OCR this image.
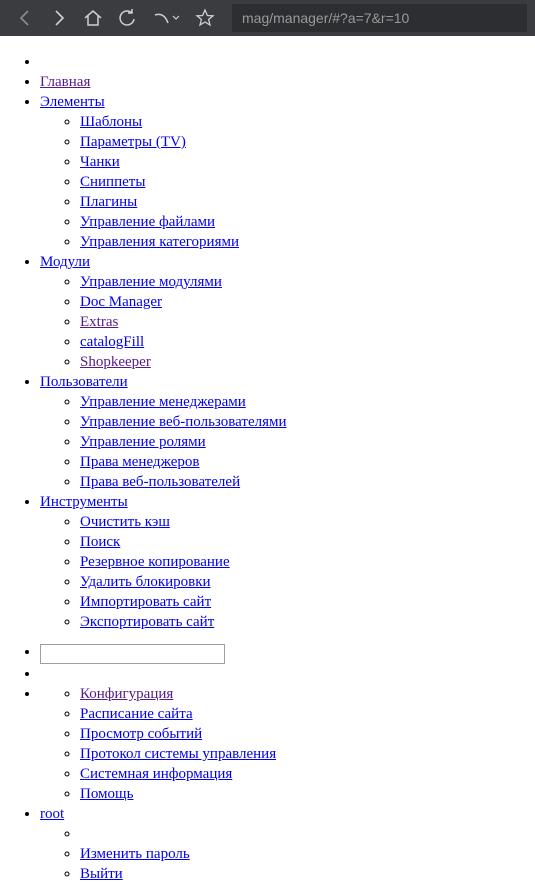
mag/manager/#?a=7&r=10
•
• Главная
• Элементы
◦ Шаблоны
◦ Параметры (TV)
◦ Чанки
◦ Сниппеты
◦ Плагины
◦ Управление файлами
◦ Управления категориями
• Модули
◦ Управление модулями
◦ Doc Manager
◦ Extras
◦ catalogFill
◦ Shopkeeper
• Пользователи
◦ Управление менеджерами
◦ Управление веб-пользователями
◦ Управление ролями
◦ Права менеджеров
◦ Права веб-пользователей
• Инструменты
◦ Очистить кэш
◦ Поиск
◦ Резервное копирование
◦ Удалить блокировки
◦ Импортировать сайт
◦ Экспортировать сайт
•
•
◦ • Конфигурация
◦ Расписание сайта
◦ Просмотр событий
◦ Протокол системы управления
◦ Системная информация
◦ Помощь
• root
◦
◦ Изменить пароль
◦ Выйти
